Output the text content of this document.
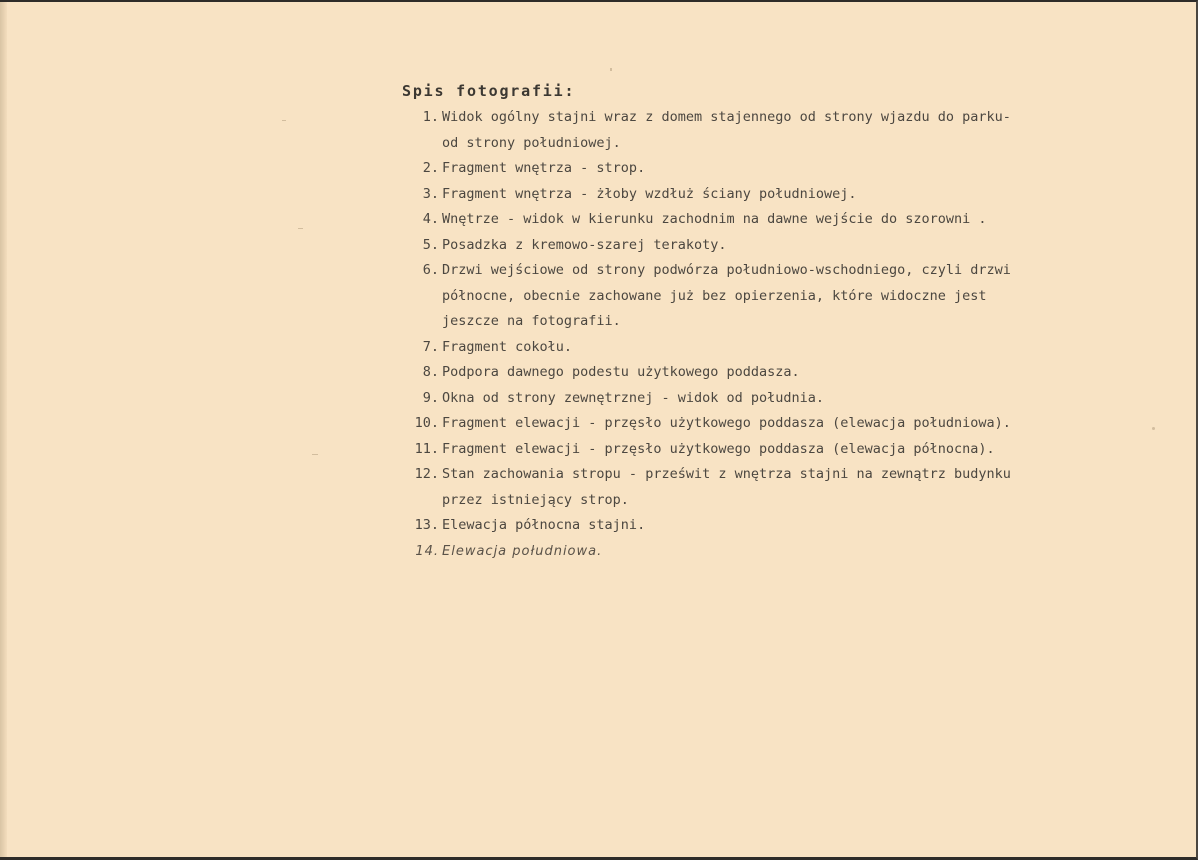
Spis fotografii:
1. Widok ogólny stajni wraz z domem stajennego od strony wjazdu do parku-
od strony południowej.
2. Fragment wnętrza - strop.
3. Fragment wnętrza - żłoby wzdłuż ściany południowej.
4. Wnętrze - widok w kierunku zachodnim na dawne wejście do szorowni .
5. Posadzka z kremowo-szarej terakoty.
6. Drzwi wejściowe od strony podwórza południowo-wschodniego, czyli drzwi
północne, obecnie zachowane już bez opierzenia, które widoczne jest
jeszcze na fotografii.
7. Fragment cokołu.
8. Podpora dawnego podestu użytkowego poddasza.
9. Okna od strony zewnętrznej - widok od południa.
10. Fragment elewacji - przęsło użytkowego poddasza (elewacja południowa).
11. Fragment elewacji - przęsło użytkowego poddasza (elewacja północna).
12. Stan zachowania stropu - prześwit z wnętrza stajni na zewnątrz budynku
przez istniejący strop.
13. Elewacja północna stajni.
14. Elewacja południowa.
